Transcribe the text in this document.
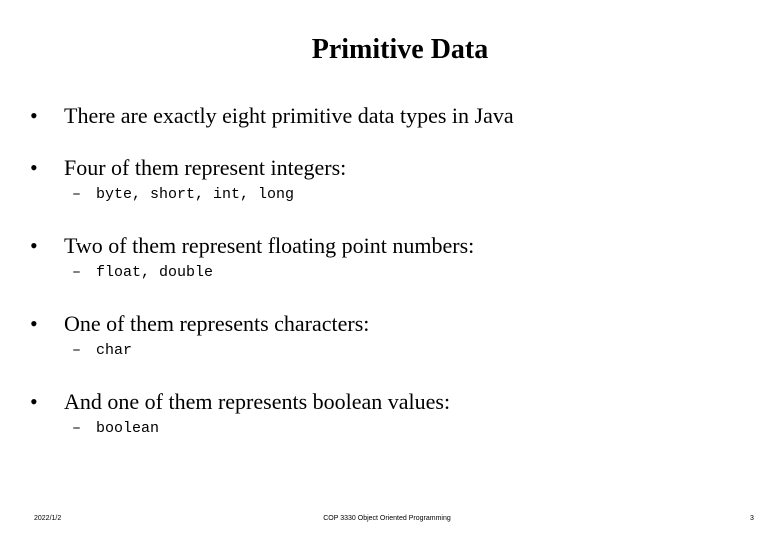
Primitive Data
• There are exactly eight primitive data types in Java
• Four of them represent integers:
– byte, short, int, long
• Two of them represent floating point numbers:
– float, double
• One of them represents characters:
– char
• And one of them represents boolean values:
– boolean
2022/1/2	COP 3330 Object Oriented Programming	3
